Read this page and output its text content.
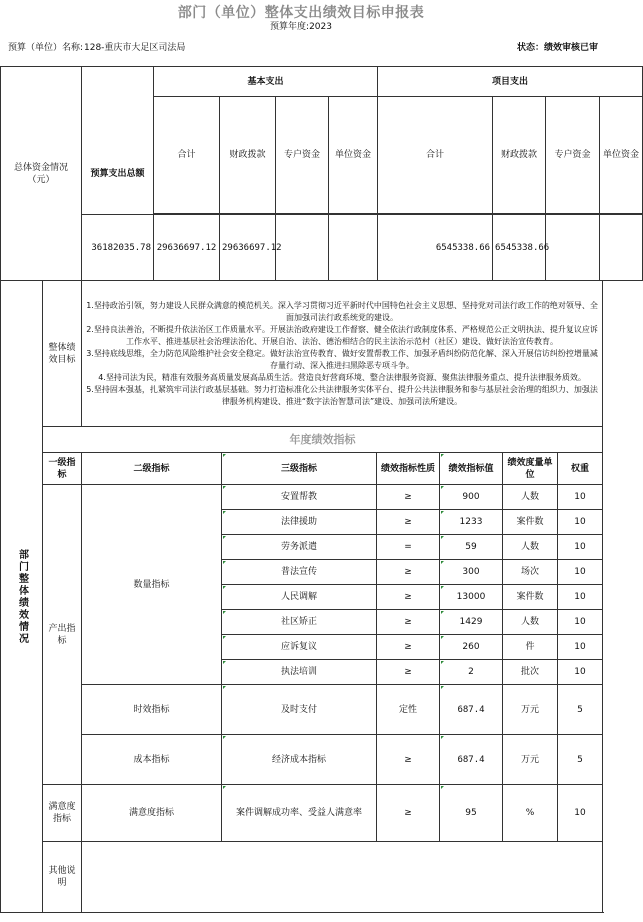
部门（单位）整体支出绩效目标申报表
预算年度:2023
预算（单位）名称: 128-重庆市大足区司法局	状态：绩效审核已审
总体资金情况（元）	预算支出总额	基本支出				项目支出			
		合计	财政拨款	专户资金	单位资金	合计	财政拨款	专户资金	单位资金

	36182035.78	29636697.12	29636697.12			6545338.66	6545338.66		
部门整体绩效情况	整体绩效目标	1.坚持政治引领，努力建设人民群众满意的模范机关。深入学习贯彻习近平新时代中国特色社会主义思想、坚持党对司法行政工作的绝对领导、全面加强司法行政系统党的建设。
2.坚持良法善治，不断提升依法治区工作质量水平。开展法治政府建设工作督察、健全依法行政制度体系、严格规范公正文明执法、提升复议应诉工作水平、推进基层社会治理法治化、开展自治、法治、德治相结合的民主法治示范村（社区）建设、做好法治宣传教育。
3.坚持底线思维，全力防范风险维护社会安全稳定。做好法治宣传教育、做好安置帮教工作、加强矛盾纠纷防范化解、深入开展信访纠纷控增量减存量行动、深入推进扫黑除恶专项斗争。
4.坚持司法为民，精准有效服务高质量发展高品质生活。营造良好营商环境、整合法律服务资源、聚焦法律服务重点、提升法律服务质效。
5.坚持固本强基，扎紧筑牢司法行政基层基础。努力打造标准化公共法律服务实体平台、提升公共法律服务和参与基层社会治理的组织力、加强法律服务机构建设、推进“数字法治智慧司法”建设、加强司法所建设。					

	年度绩效指标						
	一级指标	二级指标	三级指标	绩效指标性质	绩效指标值	绩效度量单位	权重
	产出指标	数量指标	安置帮教	≥	900	人数	10
			法律援助	≥	1233	案件数	10
			劳务派遣	=	59	人数	10
			普法宣传	≥	300	场次	10
			人民调解	≥	13000	案件数	10
			社区矫正	≥	1429	人数	10
			应诉复议	≥	260	件	10
			执法培训	≥	2	批次	10
		时效指标	及时支付	定性	687.4	万元	5
		成本指标	经济成本指标	≥	687.4	万元	5
	满意度指标	满意度指标	案件调解成功率、受益人满意率	≥	95	%	10
	其他说明						
